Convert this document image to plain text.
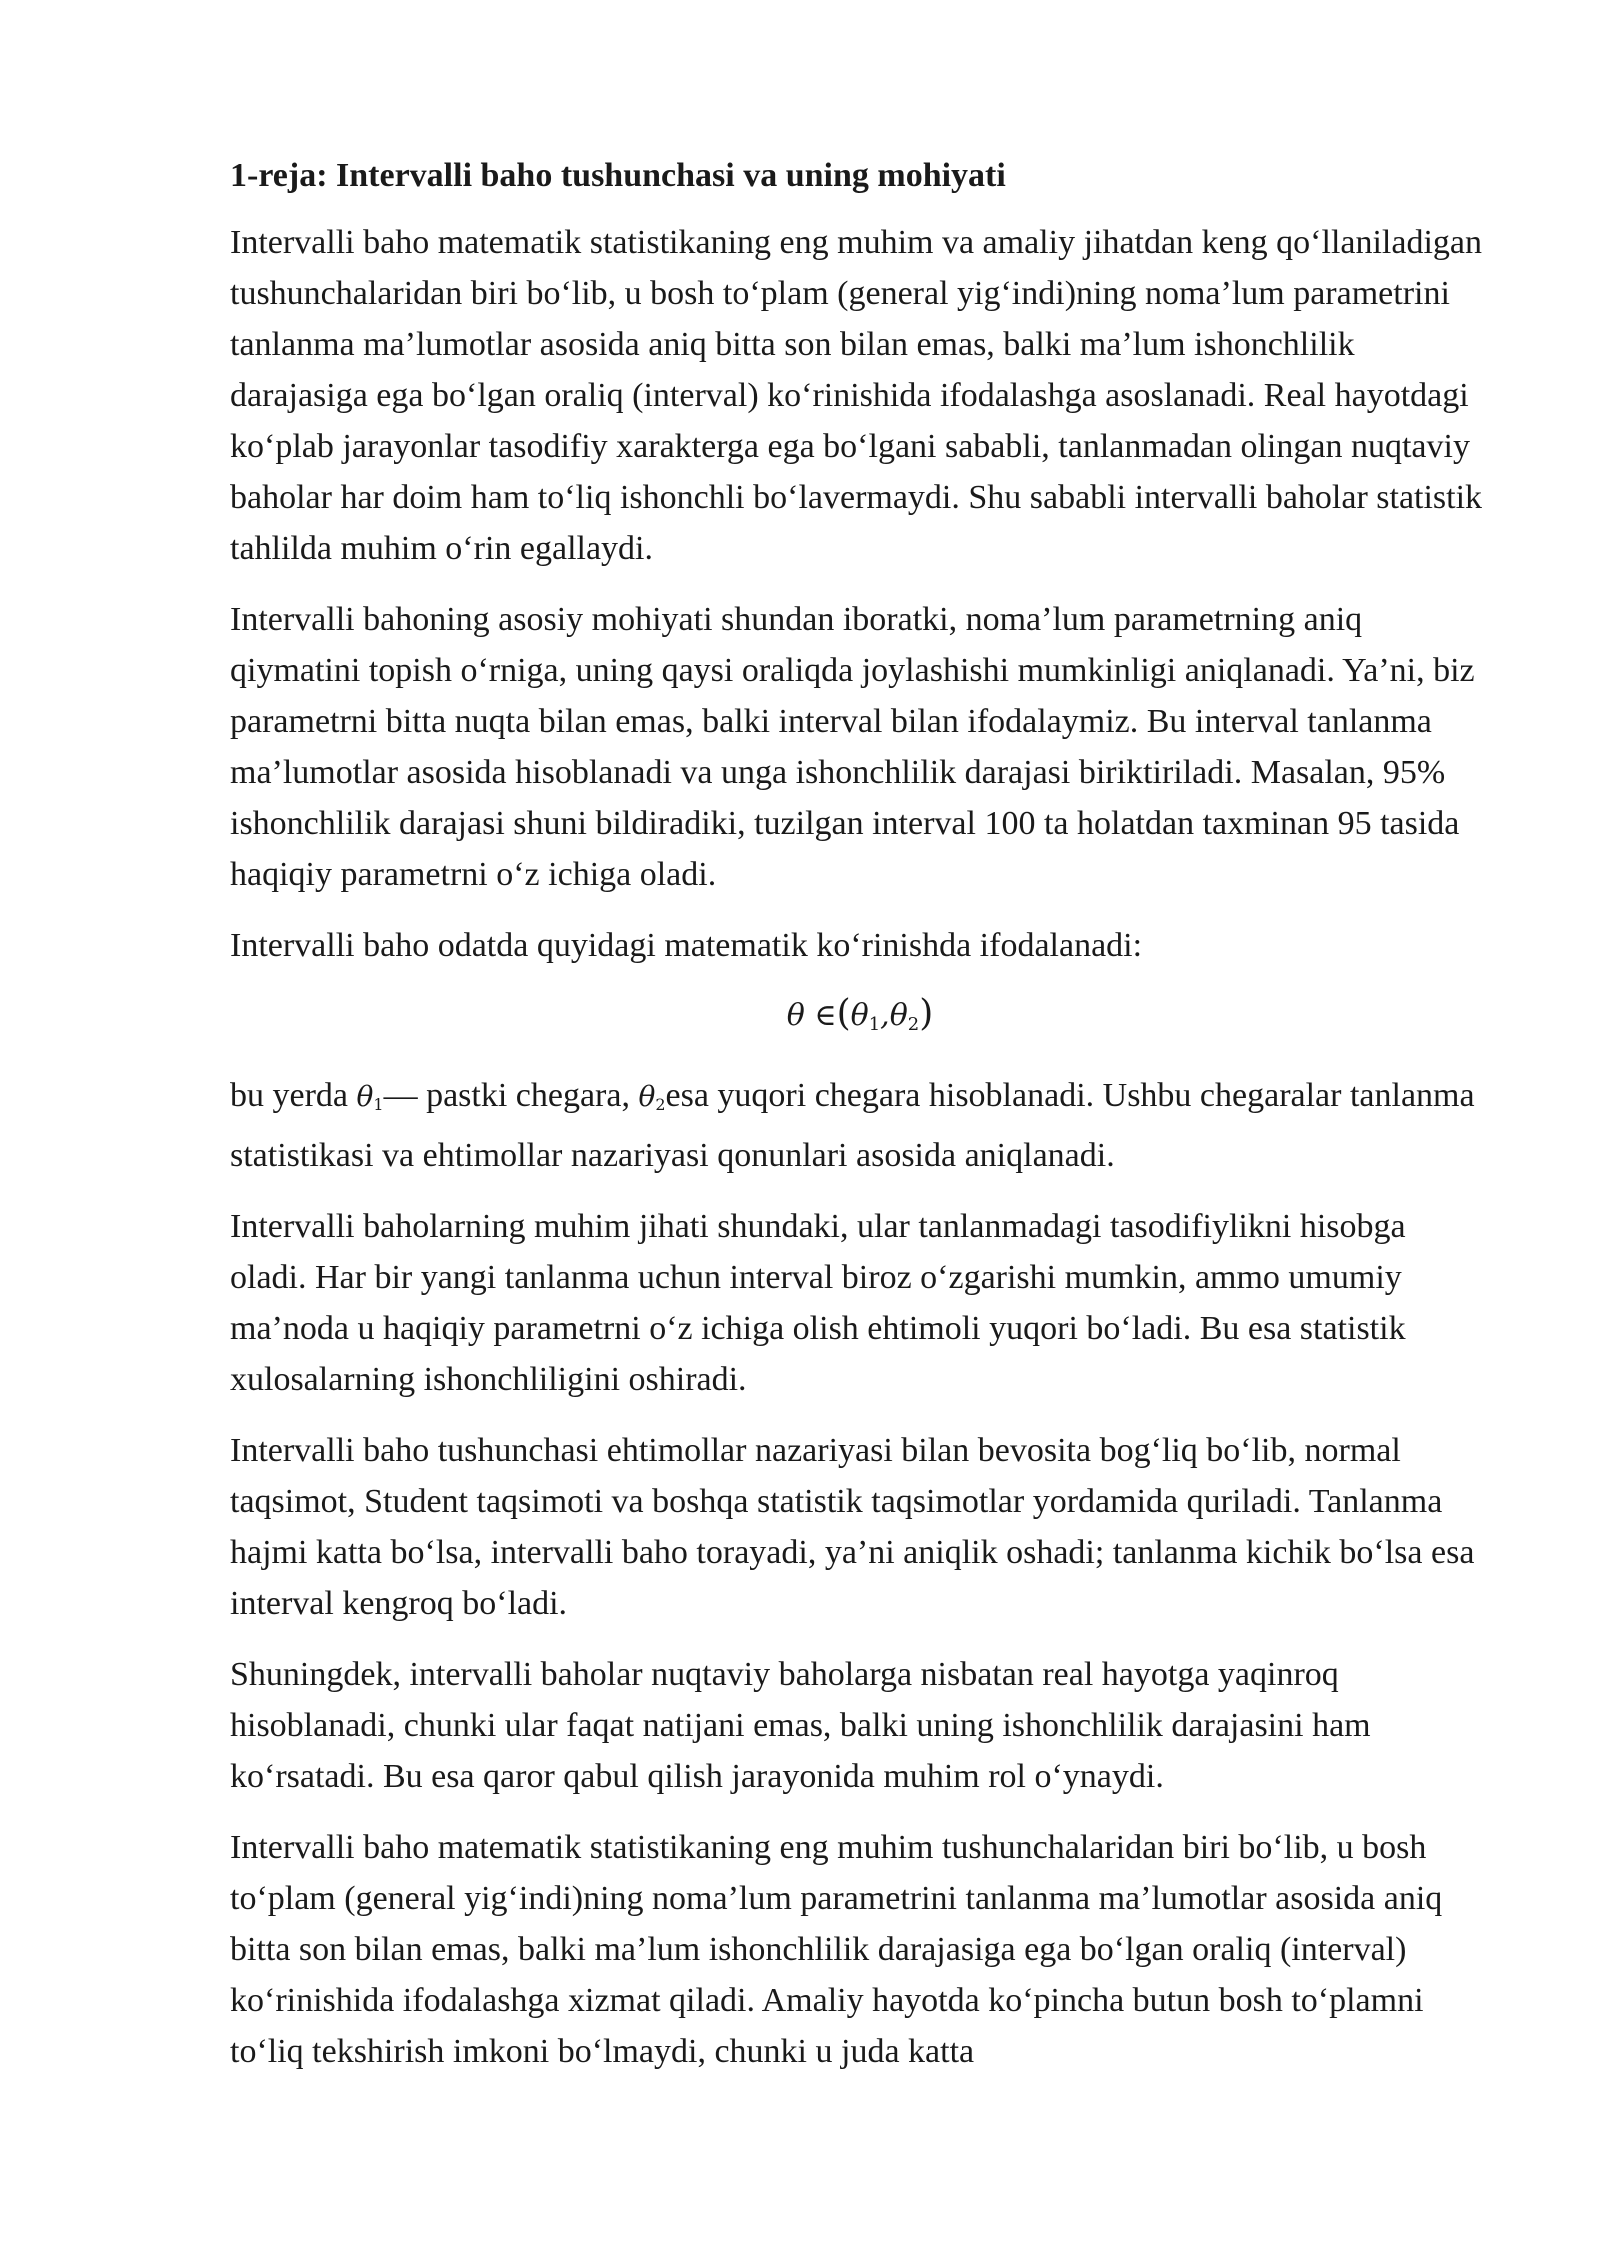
1-reja: Intervalli baho tushunchasi va uning mohiyati

Intervalli baho matematik statistikaning eng muhim va amaliy jihatdan keng qo‘llaniladigan tushunchalaridan biri bo‘lib, u bosh to‘plam (general yig‘indi)ning noma’lum parametrini tanlanma ma’lumotlar asosida aniq bitta son bilan emas, balki ma’lum ishonchlilik darajasiga ega bo‘lgan oraliq (interval) ko‘rinishida ifodalashga asoslanadi. Real hayotdagi ko‘plab jarayonlar tasodifiy xarakterga ega bo‘lgani sababli, tanlanmadan olingan nuqtaviy baholar har doim ham to‘liq ishonchli bo‘lavermaydi. Shu sababli intervalli baholar statistik tahlilda muhim o‘rin egallaydi.

Intervalli bahoning asosiy mohiyati shundan iboratki, noma’lum parametrning aniq qiymatini topish o‘rniga, uning qaysi oraliqda joylashishi mumkinligi aniqlanadi. Ya’ni, biz parametrni bitta nuqta bilan emas, balki interval bilan ifodalaymiz. Bu interval tanlanma ma’lumotlar asosida hisoblanadi va unga ishonchlilik darajasi biriktiriladi. Masalan, 95% ishonchlilik darajasi shuni bildiradiki, tuzilgan interval 100 ta holatdan taxminan 95 tasida haqiqiy parametrni o‘z ichiga oladi.

Intervalli baho odatda quyidagi matematik ko‘rinishda ifodalanadi:

θ $\in(\theta_1,\theta_2)$

bu yerda $\theta_1—$ pastki chegara, $\theta_2esa$ yuqori chegara hisoblanadi. Ushbu chegaralar tanlanma statistikasi va ehtimollar nazariyasi qonunlari asosida aniqlanadi.

Intervalli baholarning muhim jihati shundaki, ular tanlanmadagi tasodifiylikni hisobga oladi. Har bir yangi tanlanma uchun interval biroz o‘zgarishi mumkin, ammo umumiy ma’noda u haqiqiy parametrni o‘z ichiga olish ehtimoli yuqori bo‘ladi. Bu esa statistik xulosalarning ishonchliligini oshiradi.

Intervalli baho tushunchasi ehtimollar nazariyasi bilan bevosita bog‘liq bo‘lib, normal taqsimot, Student taqsimoti va boshqa statistik taqsimotlar yordamida quriladi. Tanlanma hajmi katta bo‘lsa, intervalli baho torayadi, ya’ni aniqlik oshadi; tanlanma kichik bo‘lsa esa interval kengroq bo‘ladi.

Shuningdek, intervalli baholar nuqtaviy baholarga nisbatan real hayotga yaqinroq hisoblanadi, chunki ular faqat natijani emas, balki uning ishonchlilik darajasini ham ko‘rsatadi. Bu esa qaror qabul qilish jarayonida muhim rol o‘ynaydi.

Intervalli baho matematik statistikaning eng muhim tushunchalaridan biri bo‘lib, u bosh to‘plam (general yig‘indi)ning noma’lum parametrini tanlanma ma’lumotlar asosida aniq bitta son bilan emas, balki ma’lum ishonchlilik darajasiga ega bo‘lgan oraliq (interval) ko‘rinishida ifodalashga xizmat qiladi. Amaliy hayotda ko‘pincha butun bosh to‘plamni to‘liq tekshirish imkoni bo‘lmaydi, chunki u juda katta
